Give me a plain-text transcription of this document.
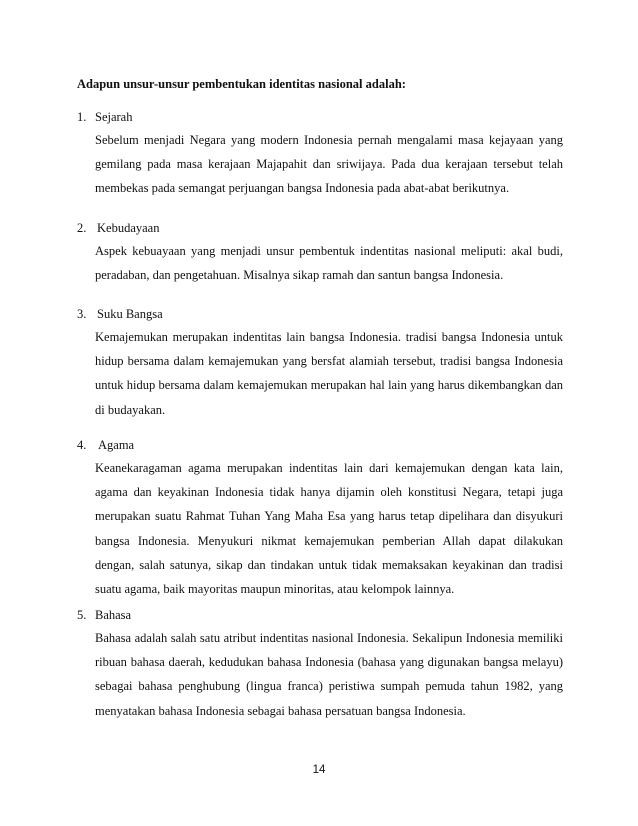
Adapun unsur-unsur pembentukan identitas nasional adalah:
1. Sejarah
Sebelum menjadi Negara yang modern Indonesia pernah mengalami masa kejayaan yang gemilang pada masa kerajaan Majapahit dan sriwijaya. Pada dua kerajaan tersebut telah membekas pada semangat perjuangan bangsa Indonesia pada abat-abat berikutnya.
2. Kebudayaan
Aspek kebuayaan yang menjadi unsur pembentuk indentitas nasional meliputi: akal budi, peradaban, dan pengetahuan. Misalnya sikap ramah dan santun bangsa Indonesia.
3. Suku Bangsa
Kemajemukan merupakan indentitas lain bangsa Indonesia. tradisi bangsa Indonesia untuk hidup bersama dalam kemajemukan yang bersfat alamiah tersebut, tradisi bangsa Indonesia untuk hidup bersama dalam kemajemukan merupakan hal lain yang harus dikembangkan dan di budayakan.
4. Agama
Keanekaragaman agama merupakan indentitas lain dari kemajemukan dengan kata lain, agama dan keyakinan Indonesia tidak hanya dijamin oleh konstitusi Negara, tetapi juga merupakan suatu Rahmat Tuhan Yang Maha Esa yang harus tetap dipelihara dan disyukuri bangsa Indonesia. Menyukuri nikmat kemajemukan pemberian Allah dapat dilakukan dengan, salah satunya, sikap dan tindakan untuk tidak memaksakan keyakinan dan tradisi suatu agama, baik mayoritas maupun minoritas, atau kelompok lainnya.
5. Bahasa
Bahasa adalah salah satu atribut indentitas nasional Indonesia. Sekalipun Indonesia memiliki ribuan bahasa daerah, kedudukan bahasa Indonesia (bahasa yang digunakan bangsa melayu) sebagai bahasa penghubung (lingua franca) peristiwa sumpah pemuda tahun 1982, yang menyatakan bahasa Indonesia sebagai bahasa persatuan bangsa Indonesia.
14
